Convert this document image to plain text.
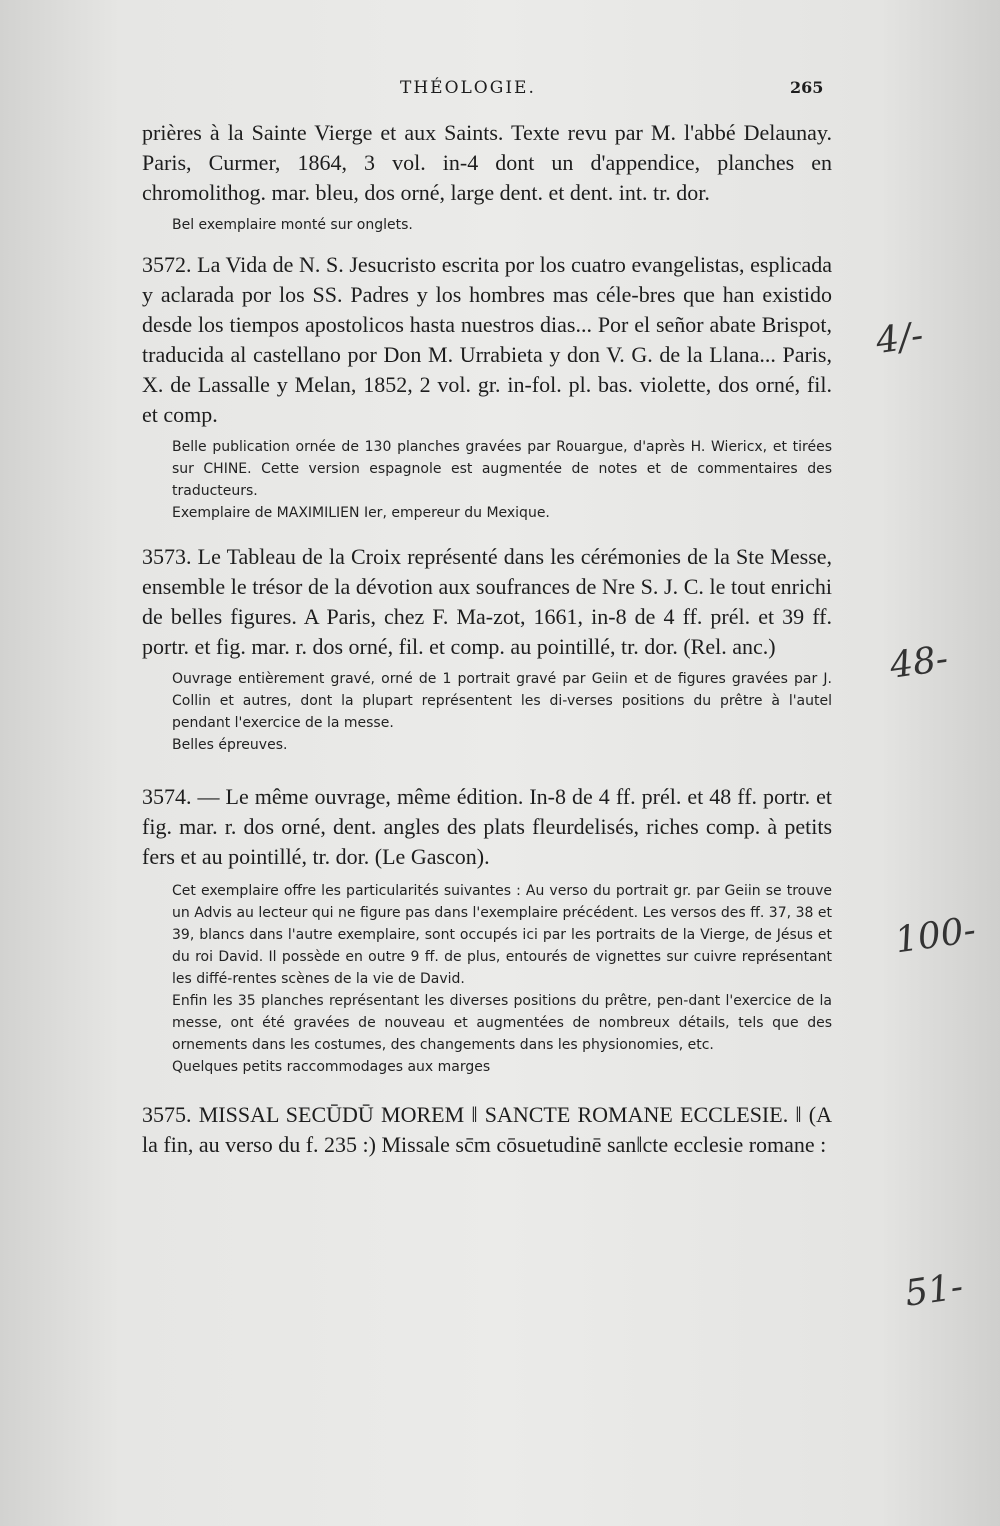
THÉOLOGIE.	265

prières à la Sainte Vierge et aux Saints. Texte revu par M. l'abbé Delaunay. Paris, Curmer, 1864, 3 vol. in-4 dont un d'appendice, planches en chromolithog. mar. bleu, dos orné, large dent. et dent. int. tr. dor.

Bel exemplaire monté sur onglets.

3572. La Vida de N. S. Jesucristo escrita por los cuatro evangelistas, esplicada y aclarada por los SS. Padres y los hombres mas céle-bres que han existido desde los tiempos apostolicos hasta nuestros dias... Por el señor abate Brispot, traducida al castellano por Don M. Urrabieta y don V. G. de la Llana... Paris, X. de Lassalle y Melan, 1852, 2 vol. gr. in-fol. pl. bas. violette, dos orné, fil. et comp.

Belle publication ornée de 130 planches gravées par Rouargue, d'après H. Wiericx, et tirées sur CHINE. Cette version espagnole est augmentée de notes et de commentaires des traducteurs.

Exemplaire de MAXIMILIEN Ier, empereur du Mexique.

3573. Le Tableau de la Croix représenté dans les cérémonies de la Ste Messe, ensemble le trésor de la dévotion aux soufrances de Nre S. J. C. le tout enrichi de belles figures. A Paris, chez F. Ma-zot, 1661, in-8 de 4 ff. prél. et 39 ff. portr. et fig. mar. r. dos orné, fil. et comp. au pointillé, tr. dor. (Rel. anc.)

Ouvrage entièrement gravé, orné de 1 portrait gravé par Geiin et de figures gravées par J. Collin et autres, dont la plupart représentent les di-verses positions du prêtre à l'autel pendant l'exercice de la messe.

Belles épreuves.

3574. — Le même ouvrage, même édition. In-8 de 4 ff. prél. et 48 ff. portr. et fig. mar. r. dos orné, dent. angles des plats fleurdelisés, riches comp. à petits fers et au pointillé, tr. dor. (Le Gascon).

Cet exemplaire offre les particularités suivantes : Au verso du portrait gr. par Geiin se trouve un Advis au lecteur qui ne figure pas dans l'exemplaire précédent. Les versos des ff. 37, 38 et 39, blancs dans l'autre exemplaire, sont occupés ici par les portraits de la Vierge, de Jésus et du roi David. Il possède en outre 9 ff. de plus, entourés de vignettes sur cuivre représentant les diffé-rentes scènes de la vie de David.

Enfin les 35 planches représentant les diverses positions du prêtre, pen-dant l'exercice de la messe, ont été gravées de nouveau et augmentées de nombreux détails, tels que des ornements dans les costumes, des changements dans les physionomies, etc.

Quelques petits raccommodages aux marges

3575. MISSAL SECŪDŪ MOREM ‖ SANCTE ROMANE ECCLESIE. ‖ (A la fin, au verso du f. 235 :) Missale sc̄m cōsuetudinē san‖cte ecclesie romane :

4/-
48-
100-
51-
